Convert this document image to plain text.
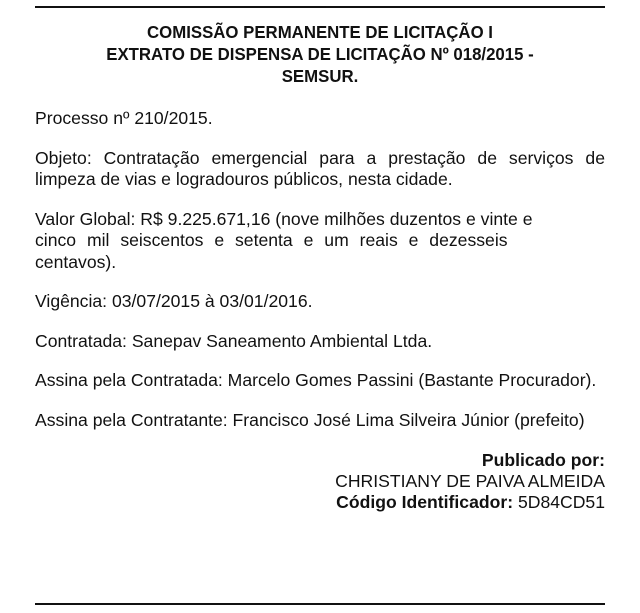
COMISSÃO PERMANENTE DE LICITAÇÃO I
EXTRATO DE DISPENSA DE LICITAÇÃO Nº 018/2015 -
SEMSUR.

Processo nº 210/2015.

Objeto: Contratação emergencial para a prestação de serviços de limpeza de vias e logradouros públicos, nesta cidade.

Valor Global: R$ 9.225.671,16 (nove milhões duzentos e vinte e
cinco mil seiscentos e setenta e um reais e dezesseis
centavos).

Vigência: 03/07/2015 à 03/01/2016.

Contratada: Sanepav Saneamento Ambiental Ltda.

Assina pela Contratada: Marcelo Gomes Passini (Bastante Procurador).

Assina pela Contratante: Francisco José Lima Silveira Júnior (prefeito)

Publicado por:
CHRISTIANY DE PAIVA ALMEIDA
Código Identificador: 5D84CD51
